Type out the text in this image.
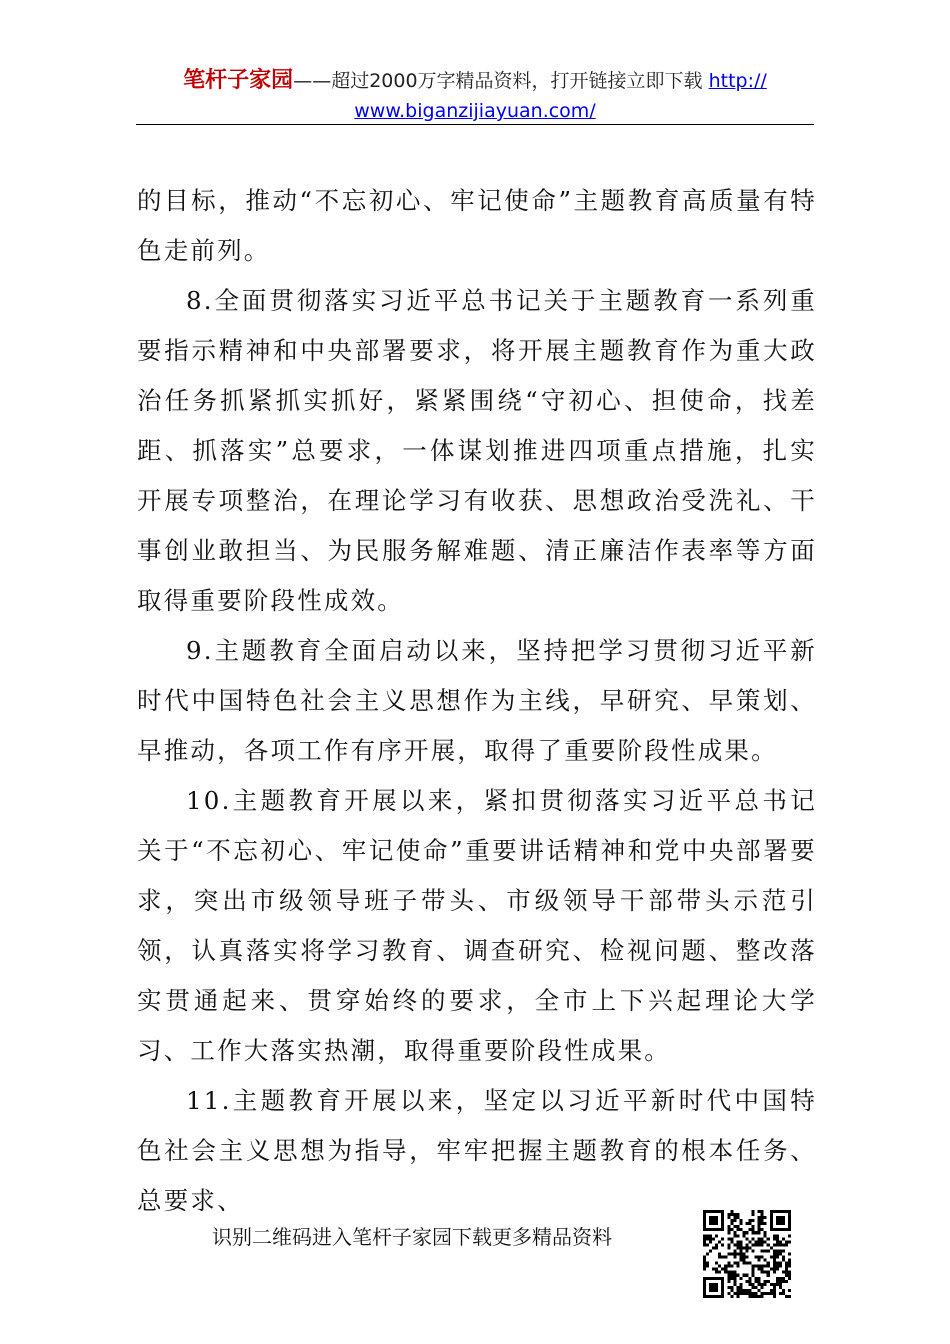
笔杆子家园——超过2000万字精品资料，打开链接立即下载 http://
www.biganzijiayuan.com/

的目标，推动“不忘初心、牢记使命”主题教育高质量有特色走前列。

8.全面贯彻落实习近平总书记关于主题教育一系列重要指示精神和中央部署要求，将开展主题教育作为重大政治任务抓紧抓实抓好，紧紧围绕“守初心、担使命，找差距、抓落实”总要求，一体谋划推进四项重点措施，扎实开展专项整治，在理论学习有收获、思想政治受洗礼、干事创业敢担当、为民服务解难题、清正廉洁作表率等方面取得重要阶段性成效。

9.主题教育全面启动以来，坚持把学习贯彻习近平新时代中国特色社会主义思想作为主线，早研究、早策划、早推动，各项工作有序开展，取得了重要阶段性成果。

10.主题教育开展以来，紧扣贯彻落实习近平总书记关于“不忘初心、牢记使命”重要讲话精神和党中央部署要求，突出市级领导班子带头、市级领导干部带头示范引领，认真落实将学习教育、调查研究、检视问题、整改落实贯通起来、贯穿始终的要求，全市上下兴起理论大学习、工作大落实热潮，取得重要阶段性成果。

11.主题教育开展以来，坚定以习近平新时代中国特色社会主义思想为指导，牢牢把握主题教育的根本任务、总要求、

识别二维码进入笔杆子家园下载更多精品资料
